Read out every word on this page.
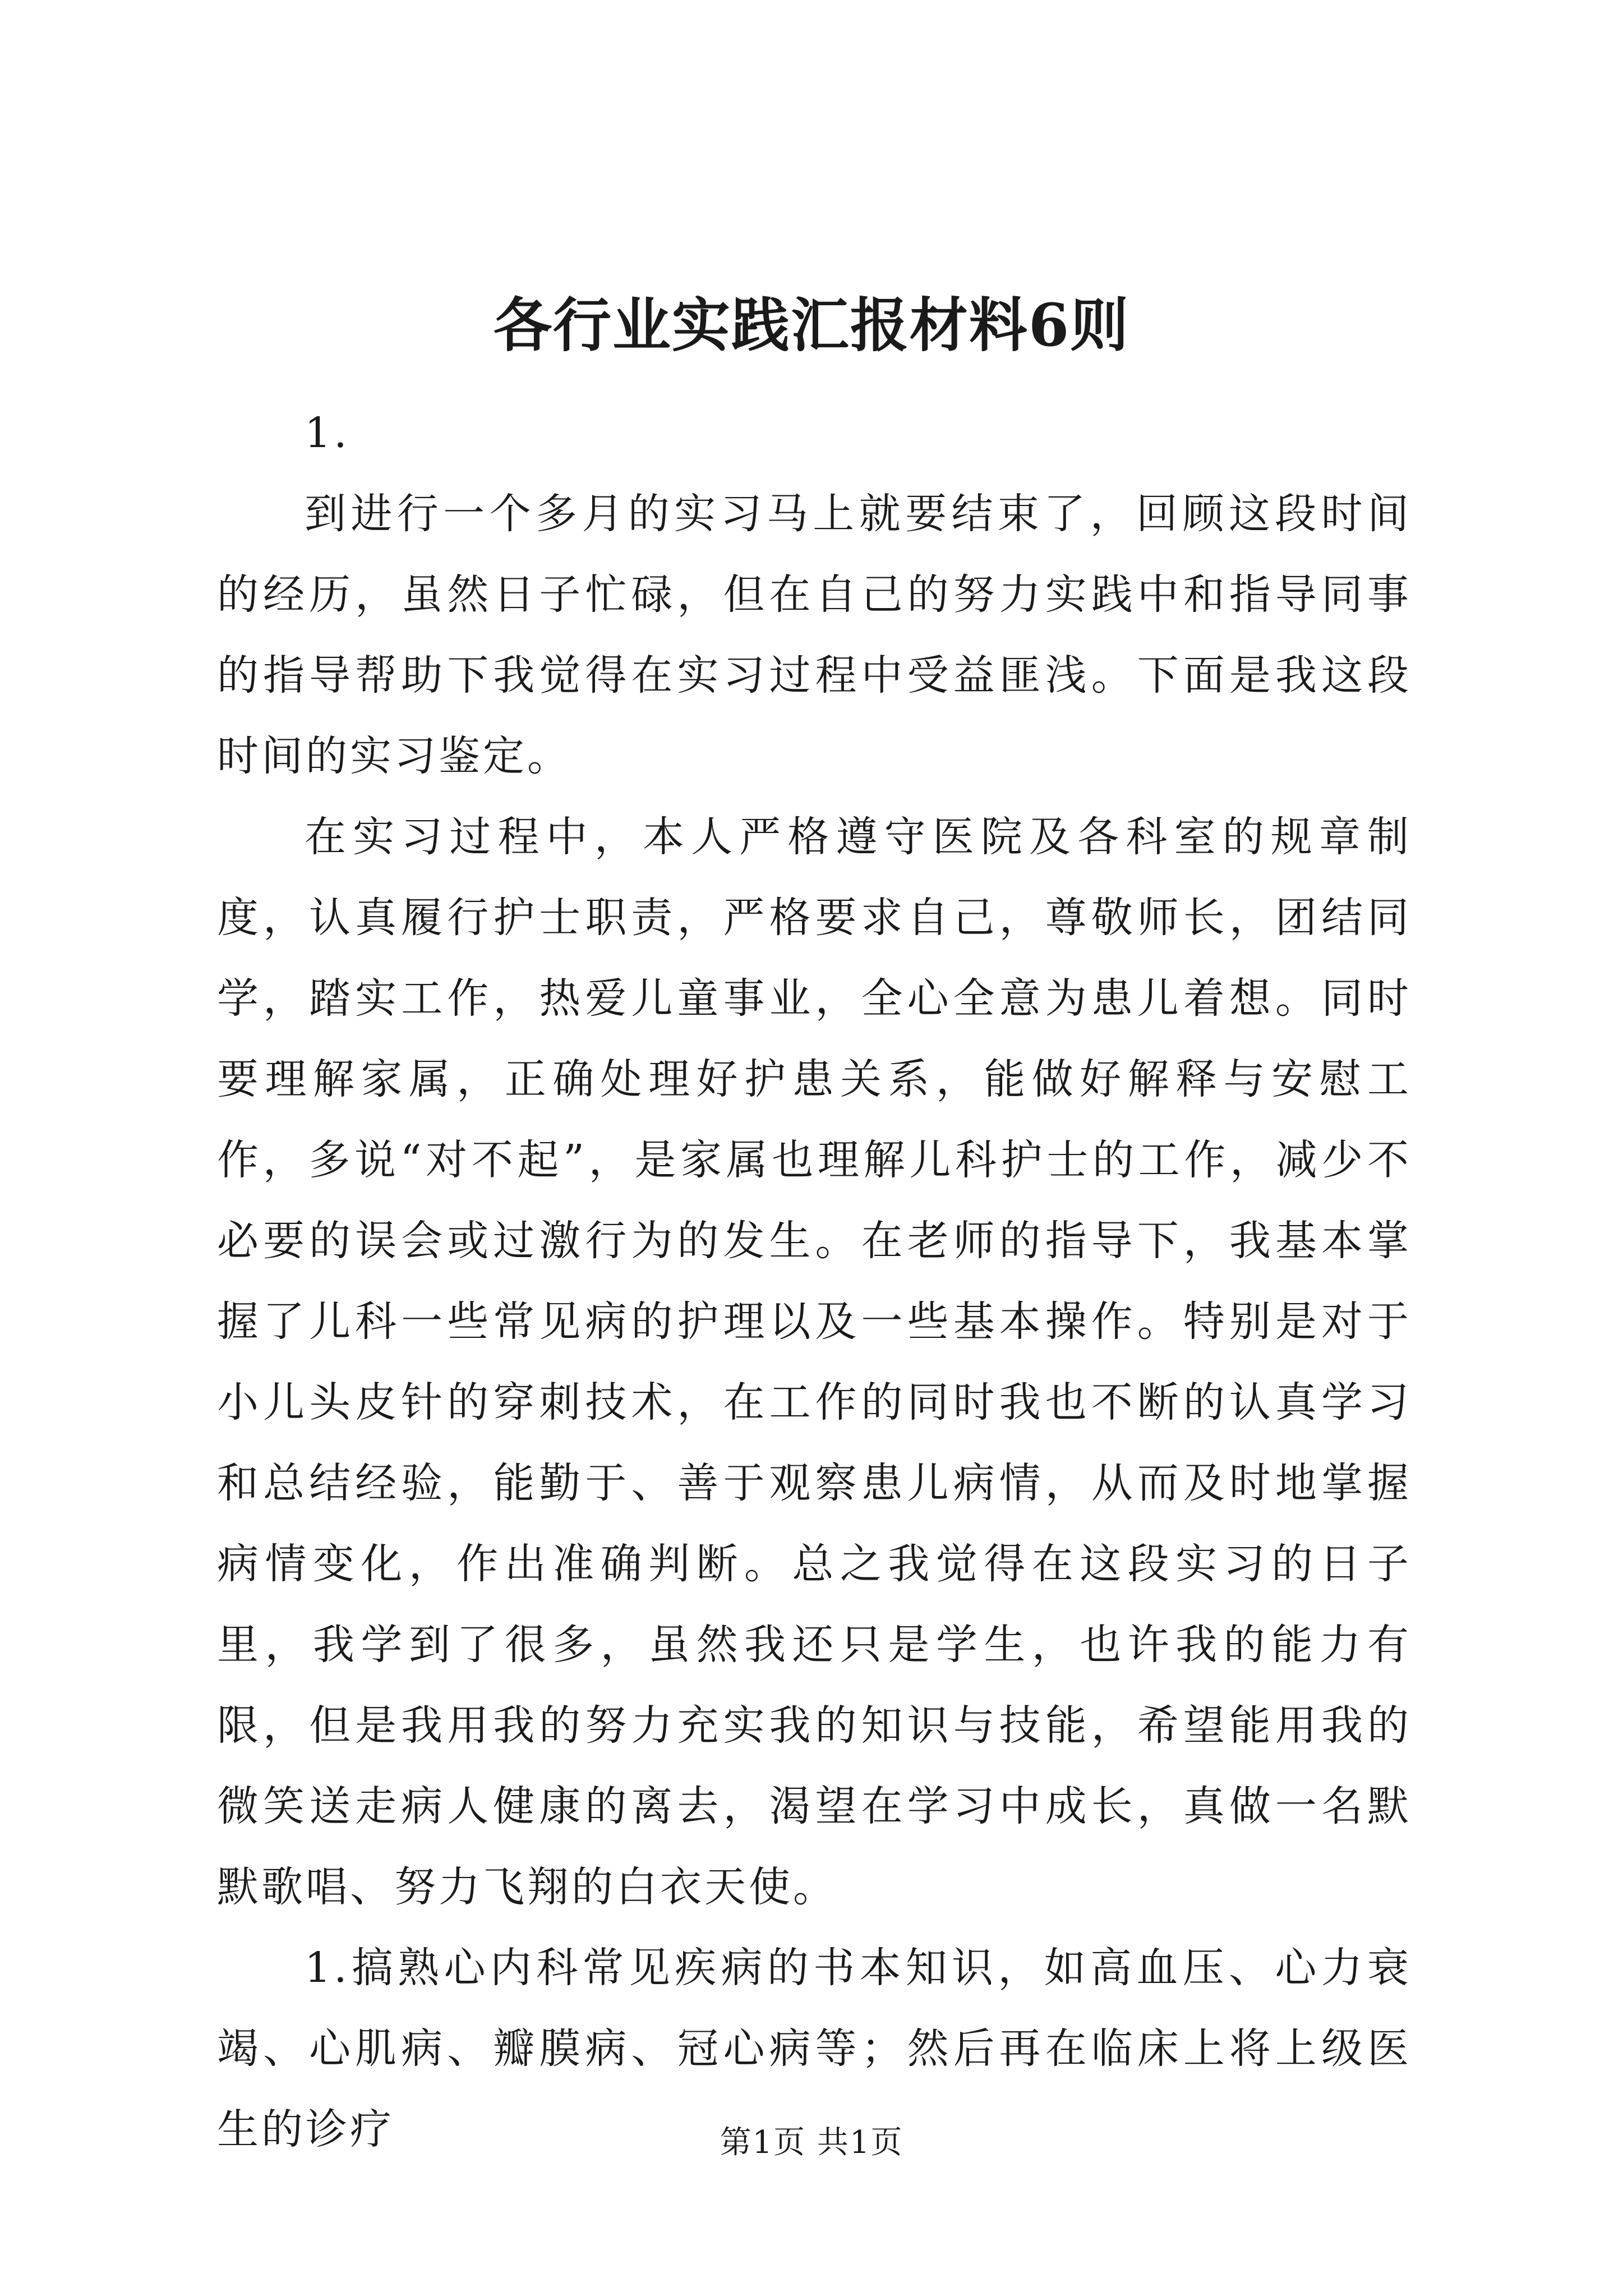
各行业实践汇报材料6则

1.

到进行一个多月的实习马上就要结束了，回顾这段时间的经历，虽然日子忙碌，但在自己的努力实践中和指导同事的指导帮助下我觉得在实习过程中受益匪浅。下面是我这段时间的实习鉴定。

在实习过程中，本人严格遵守医院及各科室的规章制度，认真履行护士职责，严格要求自己，尊敬师长，团结同学，踏实工作，热爱儿童事业，全心全意为患儿着想。同时要理解家属，正确处理好护患关系，能做好解释与安慰工作，多说“对不起”，是家属也理解儿科护士的工作，减少不必要的误会或过激行为的发生。在老师的指导下，我基本掌握了儿科一些常见病的护理以及一些基本操作。特别是对于小儿头皮针的穿刺技术，在工作的同时我也不断的认真学习和总结经验，能勤于、善于观察患儿病情，从而及时地掌握病情变化，作出准确判断。总之我觉得在这段实习的日子里，我学到了很多，虽然我还只是学生，也许我的能力有限，但是我用我的努力充实我的知识与技能，希望能用我的微笑送走病人健康的离去，渴望在学习中成长，真做一名默默歌唱、努力飞翔的白衣天使。

1.搞熟心内科常见疾病的书本知识，如高血压、心力衰竭、心肌病、瓣膜病、冠心病等；然后再在临床上将上级医生的诊疗	第1页 共1页
